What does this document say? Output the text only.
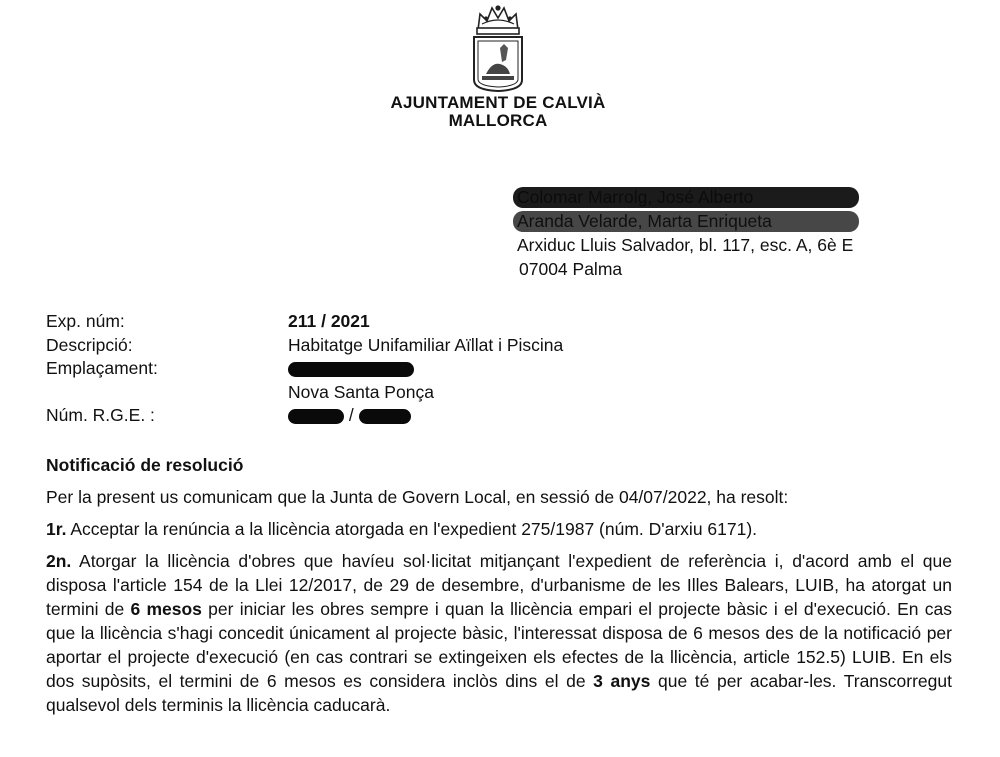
AJUNTAMENT DE CALVIÀ
MALLORCA
Arxiduc Lluis Salvador, bl. 117, esc. A, 6è E
07004 Palma
Exp. núm:	211 / 2021
Descripció:	Habitatge Unifamiliar Aïllat i Piscina
Emplaçament:
Nova Santa Ponça
Núm. R.G.E. :	/
Notificació de resolució
Per la present us comunicam que la Junta de Govern Local, en sessió de 04/07/2022, ha resolt:
1r. Acceptar la renúncia a la llicència atorgada en l'expedient 275/1987 (núm. D'arxiu 6171).
2n. Atorgar la llicència d'obres que havíeu sol·licitat mitjançant l'expedient de referència i, d'acord amb el que disposa l'article 154 de la Llei 12/2017, de 29 de desembre, d'urbanisme de les Illes Balears, LUIB, ha atorgat un termini de 6 mesos per iniciar les obres sempre i quan la llicència empari el projecte bàsic i el d'execució. En cas que la llicència s'hagi concedit únicament al projecte bàsic, l'interessat disposa de 6 mesos des de la notificació per aportar el projecte d'execució (en cas contrari se extingeixen els efectes de la llicència, article 152.5) LUIB. En els dos supòsits, el termini de 6 mesos es considera inclòs dins el de 3 anys que té per acabar-les. Transcorregut qualsevol dels terminis la llicència caducarà.
